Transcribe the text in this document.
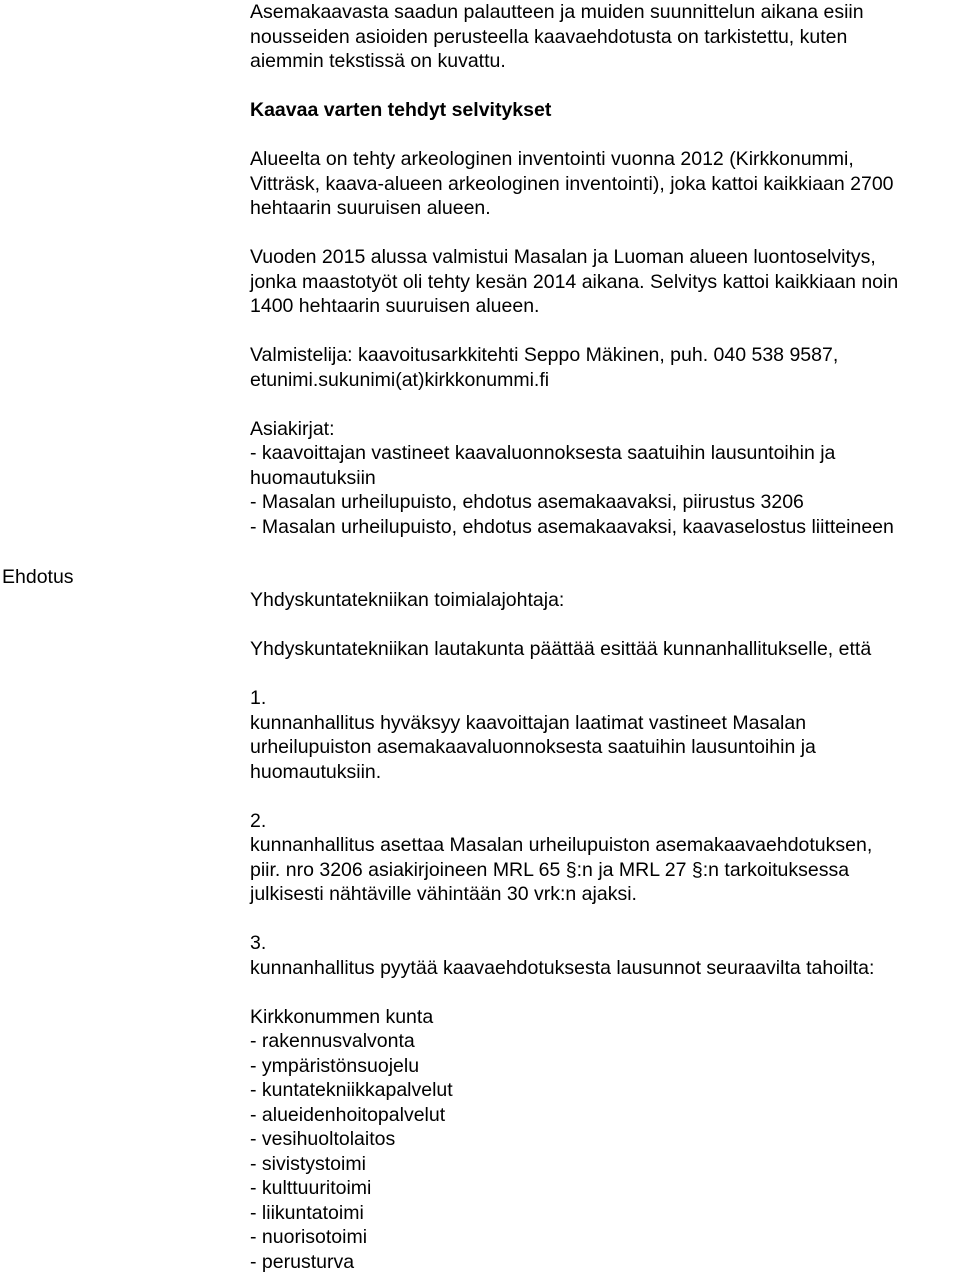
Ehdotus
Asemakaavasta saadun palautteen ja muiden suunnittelun aikana esiin
nousseiden asioiden perusteella kaavaehdotusta on tarkistettu, kuten
aiemmin tekstissä on kuvattu.
Kaavaa varten tehdyt selvitykset
Alueelta on tehty arkeologinen inventointi vuonna 2012 (Kirkkonummi,
Vitträsk, kaava-alueen arkeologinen inventointi), joka kattoi kaikkiaan 2700
hehtaarin suuruisen alueen.
Vuoden 2015 alussa valmistui Masalan ja Luoman alueen luontoselvitys,
jonka maastotyöt oli tehty kesän 2014 aikana. Selvitys kattoi kaikkiaan noin
1400 hehtaarin suuruisen alueen.
Valmistelija: kaavoitusarkkitehti Seppo Mäkinen, puh. 040 538 9587,
etunimi.sukunimi(at)kirkkonummi.fi
Asiakirjat:
- kaavoittajan vastineet kaavaluonnoksesta saatuihin lausuntoihin ja
huomautuksiin
- Masalan urheilupuisto, ehdotus asemakaavaksi, piirustus 3206
- Masalan urheilupuisto, ehdotus asemakaavaksi, kaavaselostus liitteineen
Yhdyskuntatekniikan toimialajohtaja:
Yhdyskuntatekniikan lautakunta päättää esittää kunnanhallitukselle, että
1.
kunnanhallitus hyväksyy kaavoittajan laatimat vastineet Masalan
urheilupuiston asemakaavaluonnoksesta saatuihin lausuntoihin ja
huomautuksiin.
2.
kunnanhallitus asettaa Masalan urheilupuiston asemakaavaehdotuksen,
piir. nro 3206 asiakirjoineen MRL 65 §:n ja MRL 27 §:n tarkoituksessa
julkisesti nähtäville vähintään 30 vrk:n ajaksi.
3.
kunnanhallitus pyytää kaavaehdotuksesta lausunnot seuraavilta tahoilta:
Kirkkonummen kunta
- rakennusvalvonta
- ympäristönsuojelu
- kuntatekniikkapalvelut
- alueidenhoitopalvelut
- vesihuoltolaitos
- sivistystoimi
- kulttuuritoimi
- liikuntatoimi
- nuorisotoimi
- perusturva
